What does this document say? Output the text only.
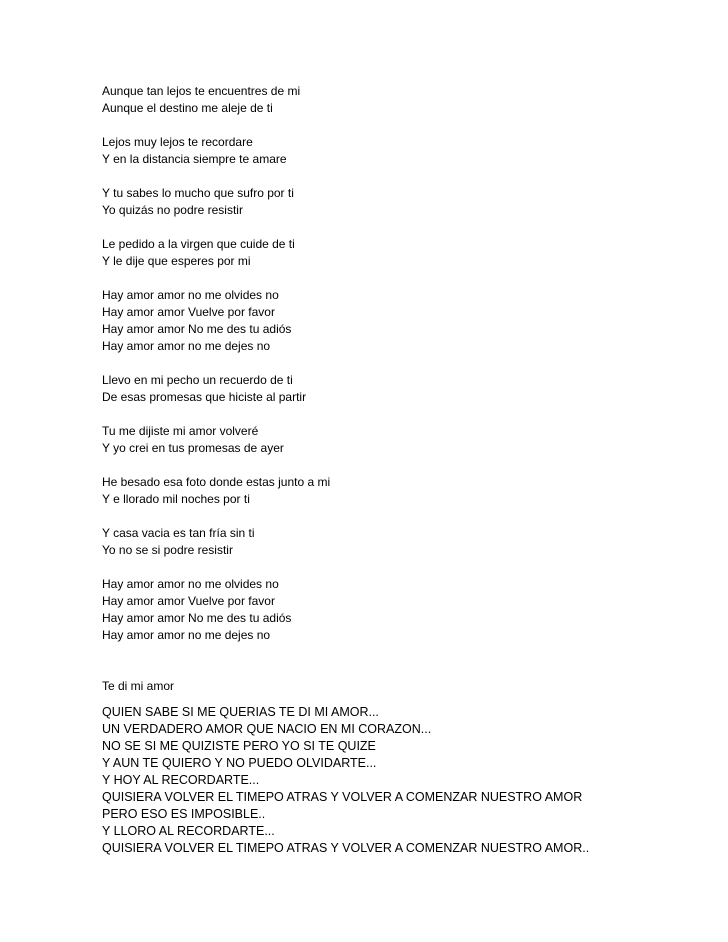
Aunque tan lejos te encuentres de mi
Aunque el destino me aleje de ti
Lejos muy lejos te recordare
Y en la distancia siempre te amare
Y tu sabes lo mucho que sufro por ti
Yo quizás no podre resistir
Le pedido a la virgen que cuide de ti
Y le dije que esperes por mi
Hay amor amor no me olvides no
Hay amor amor Vuelve por favor
Hay amor amor No me des tu adiós
Hay amor amor no me dejes no
Llevo en mi pecho un recuerdo de ti
De esas promesas que hiciste al partir
Tu me dijiste mi amor volveré
Y yo crei en tus promesas de ayer
He besado esa foto donde estas junto a mi
Y e llorado mil noches por ti
Y casa vacia es tan fría sin ti
Yo no se si podre resistir
Hay amor amor no me olvides no
Hay amor amor Vuelve por favor
Hay amor amor No me des tu adiós
Hay amor amor no me dejes no
Te di mi amor
QUIEN SABE SI ME QUERIAS TE DI MI AMOR...
UN VERDADERO AMOR QUE NACIO EN MI CORAZON...
NO SE SI ME QUIZISTE PERO YO SI TE QUIZE
Y AUN TE QUIERO Y NO PUEDO OLVIDARTE...
Y HOY AL RECORDARTE...
QUISIERA VOLVER EL TIMEPO ATRAS Y VOLVER A COMENZAR NUESTRO AMOR
PERO ESO ES IMPOSIBLE..
Y LLORO AL RECORDARTE...
QUISIERA VOLVER EL TIMEPO ATRAS Y VOLVER A COMENZAR NUESTRO AMOR..
